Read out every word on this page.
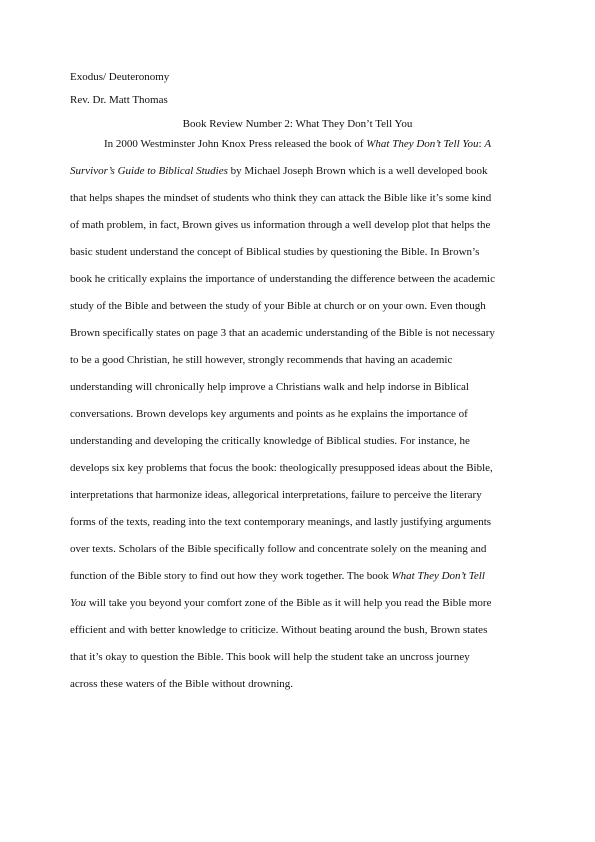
Exodus/ Deuteronomy
Rev. Dr. Matt Thomas
Book Review Number 2: What They Don’t Tell You
In 2000 Westminster John Knox Press released the book of What They Don’t Tell You: A
Survivor’s Guide to Biblical Studies by Michael Joseph Brown which is a well developed book
that helps shapes the mindset of students who think they can attack the Bible like it’s some kind
of math problem, in fact, Brown gives us information through a well develop plot that helps the
basic student understand the concept of Biblical studies by questioning the Bible. In Brown’s
book he critically explains the importance of understanding the difference between the academic
study of the Bible and between the study of your Bible at church or on your own. Even though
Brown specifically states on page 3 that an academic understanding of the Bible is not necessary
to be a good Christian, he still however, strongly recommends that having an academic
understanding will chronically help improve a Christians walk and help indorse in Biblical
conversations. Brown develops key arguments and points as he explains the importance of
understanding and developing the critically knowledge of Biblical studies. For instance, he
develops six key problems that focus the book: theologically presupposed ideas about the Bible,
interpretations that harmonize ideas, allegorical interpretations, failure to perceive the literary
forms of the texts, reading into the text contemporary meanings, and lastly justifying arguments
over texts. Scholars of the Bible specifically follow and concentrate solely on the meaning and
function of the Bible story to find out how they work together. The book What They Don’t Tell
You will take you beyond your comfort zone of the Bible as it will help you read the Bible more
efficient and with better knowledge to criticize. Without beating around the bush, Brown states
that it’s okay to question the Bible. This book will help the student take an uncross journey
across these waters of the Bible without drowning.
